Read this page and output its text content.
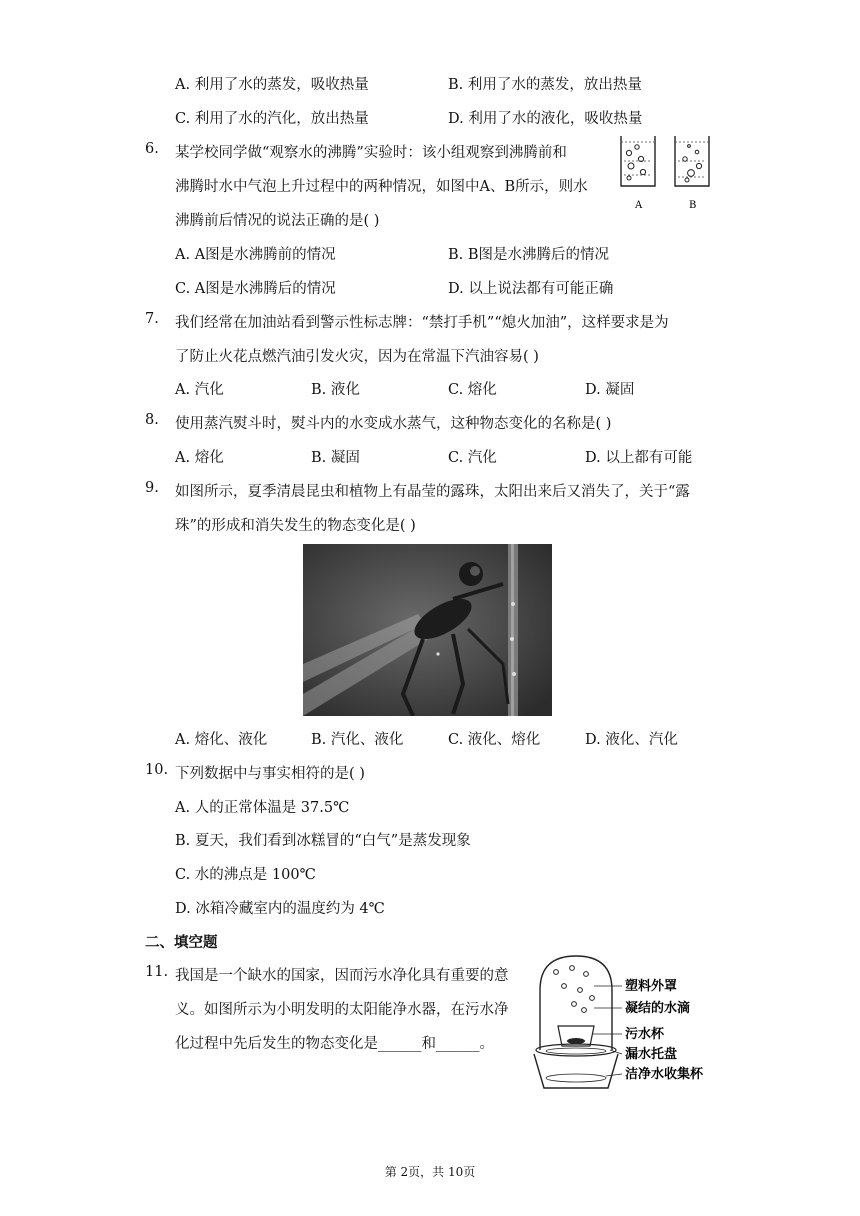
A. 利用了水的蒸发，吸收热量	B. 利用了水的蒸发，放出热量
C. 利用了水的汽化，放出热量	D. 利用了水的液化，吸收热量
6. 某学校同学做“观察水的沸腾”实验时：该小组观察到沸腾前和
沸腾时水中气泡上升过程中的两种情况，如图中A、B所示，则水
沸腾前后情况的说法正确的是( )
A	B
A. A图是水沸腾前的情况	B. B图是水沸腾后的情况
C. A图是水沸腾后的情况	D. 以上说法都有可能正确
7. 我们经常在加油站看到警示性标志牌：“禁打手机”“熄火加油”，这样要求是为
了防止火花点燃汽油引发火灾，因为在常温下汽油容易( )
A. 汽化	B. 液化	C. 熔化	D. 凝固
8. 使用蒸汽熨斗时，熨斗内的水变成水蒸气，这种物态变化的名称是( )
A. 熔化	B. 凝固	C. 汽化	D. 以上都有可能
9. 如图所示，夏季清晨昆虫和植物上有晶莹的露珠，太阳出来后又消失了，关于“露
珠”的形成和消失发生的物态变化是( )
A. 熔化、液化	B. 汽化、液化	C. 液化、熔化	D. 液化、汽化
10. 下列数据中与事实相符的是( )
A. 人的正常体温是 37.5℃
B. 夏天，我们看到冰糕冒的“白气”是蒸发现象
C. 水的沸点是 100℃
D. 冰箱冷藏室内的温度约为 4℃
二、填空题
11. 我国是一个缺水的国家，因而污水净化具有重要的意
义。如图所示为小明发明的太阳能净水器，在污水净
化过程中先后发生的物态变化是______和______。
塑料外罩
凝结的水滴
污水杯
漏水托盘
洁净水收集杯
第 2页，共 10页
